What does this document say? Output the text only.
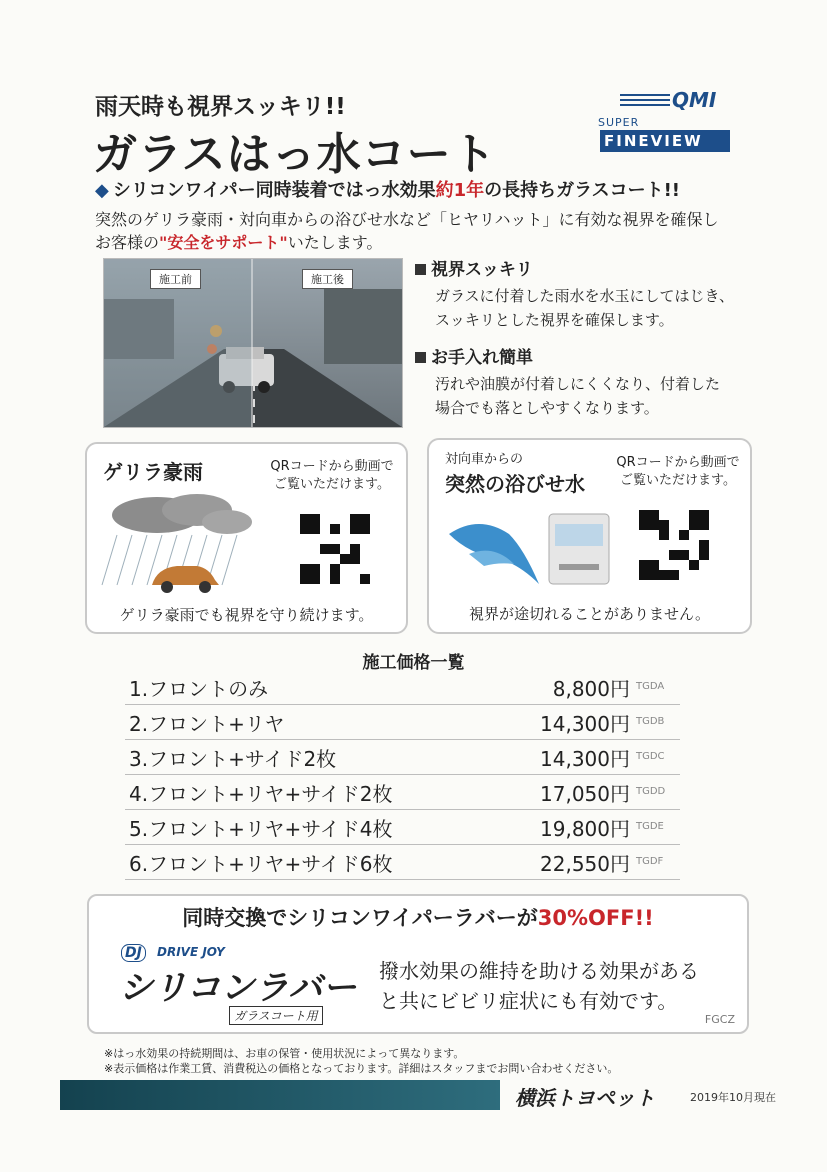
雨天時も視界スッキリ!!
ガラスはっ水コート
QMI
SUPER
FINEVIEW
◆ シリコンワイパー同時装着ではっ水効果約1年の長持ちガラスコート!!
突然のゲリラ豪雨・対向車からの浴びせ水など「ヒヤリハット」に有効な視界を確保し
お客様の"安全をサポート"いたします。
施工前	施工後	視界スッキリ

ガラスに付着した雨水を水玉にしてはじき、

スッキリとした視界を確保します。

お手入れ簡単

汚れや油膜が付着しにくくなり、付着した

場合でも落としやすくなります。

ゲリラ豪雨	QRコードから動画で
ご覧いただけます。
ゲリラ豪雨でも視界を守り続けます。
対向車からの
突然の浴びせ水
QRコードから動画で
ご覧いただけます。
視界が途切れることがありません。
施工価格一覧
1.フロントのみ	8,800円 TGDA
2.フロント+リヤ	14,300円 TGDB
3.フロント+サイド2枚	14,300円 TGDC
4.フロント+リヤ+サイド2枚	17,050円 TGDD
5.フロント+リヤ+サイド4枚	19,800円 TGDE
6.フロント+リヤ+サイド6枚	22,550円 TGDF
同時交換でシリコンワイパーラバーが30%OFF!!
DJ	DRIVE JOY
シリコンラバー
ガラスコート用
撥水効果の維持を助ける効果がある
と共にビビリ症状にも有効です。
FGCZ
※はっ水効果の持続期間は、お車の保管・使用状況によって異なります。
※表示価格は作業工賃、消費税込の価格となっております。詳細はスタッフまでお問い合わせください。
横浜トヨペット	2019年10月現在
